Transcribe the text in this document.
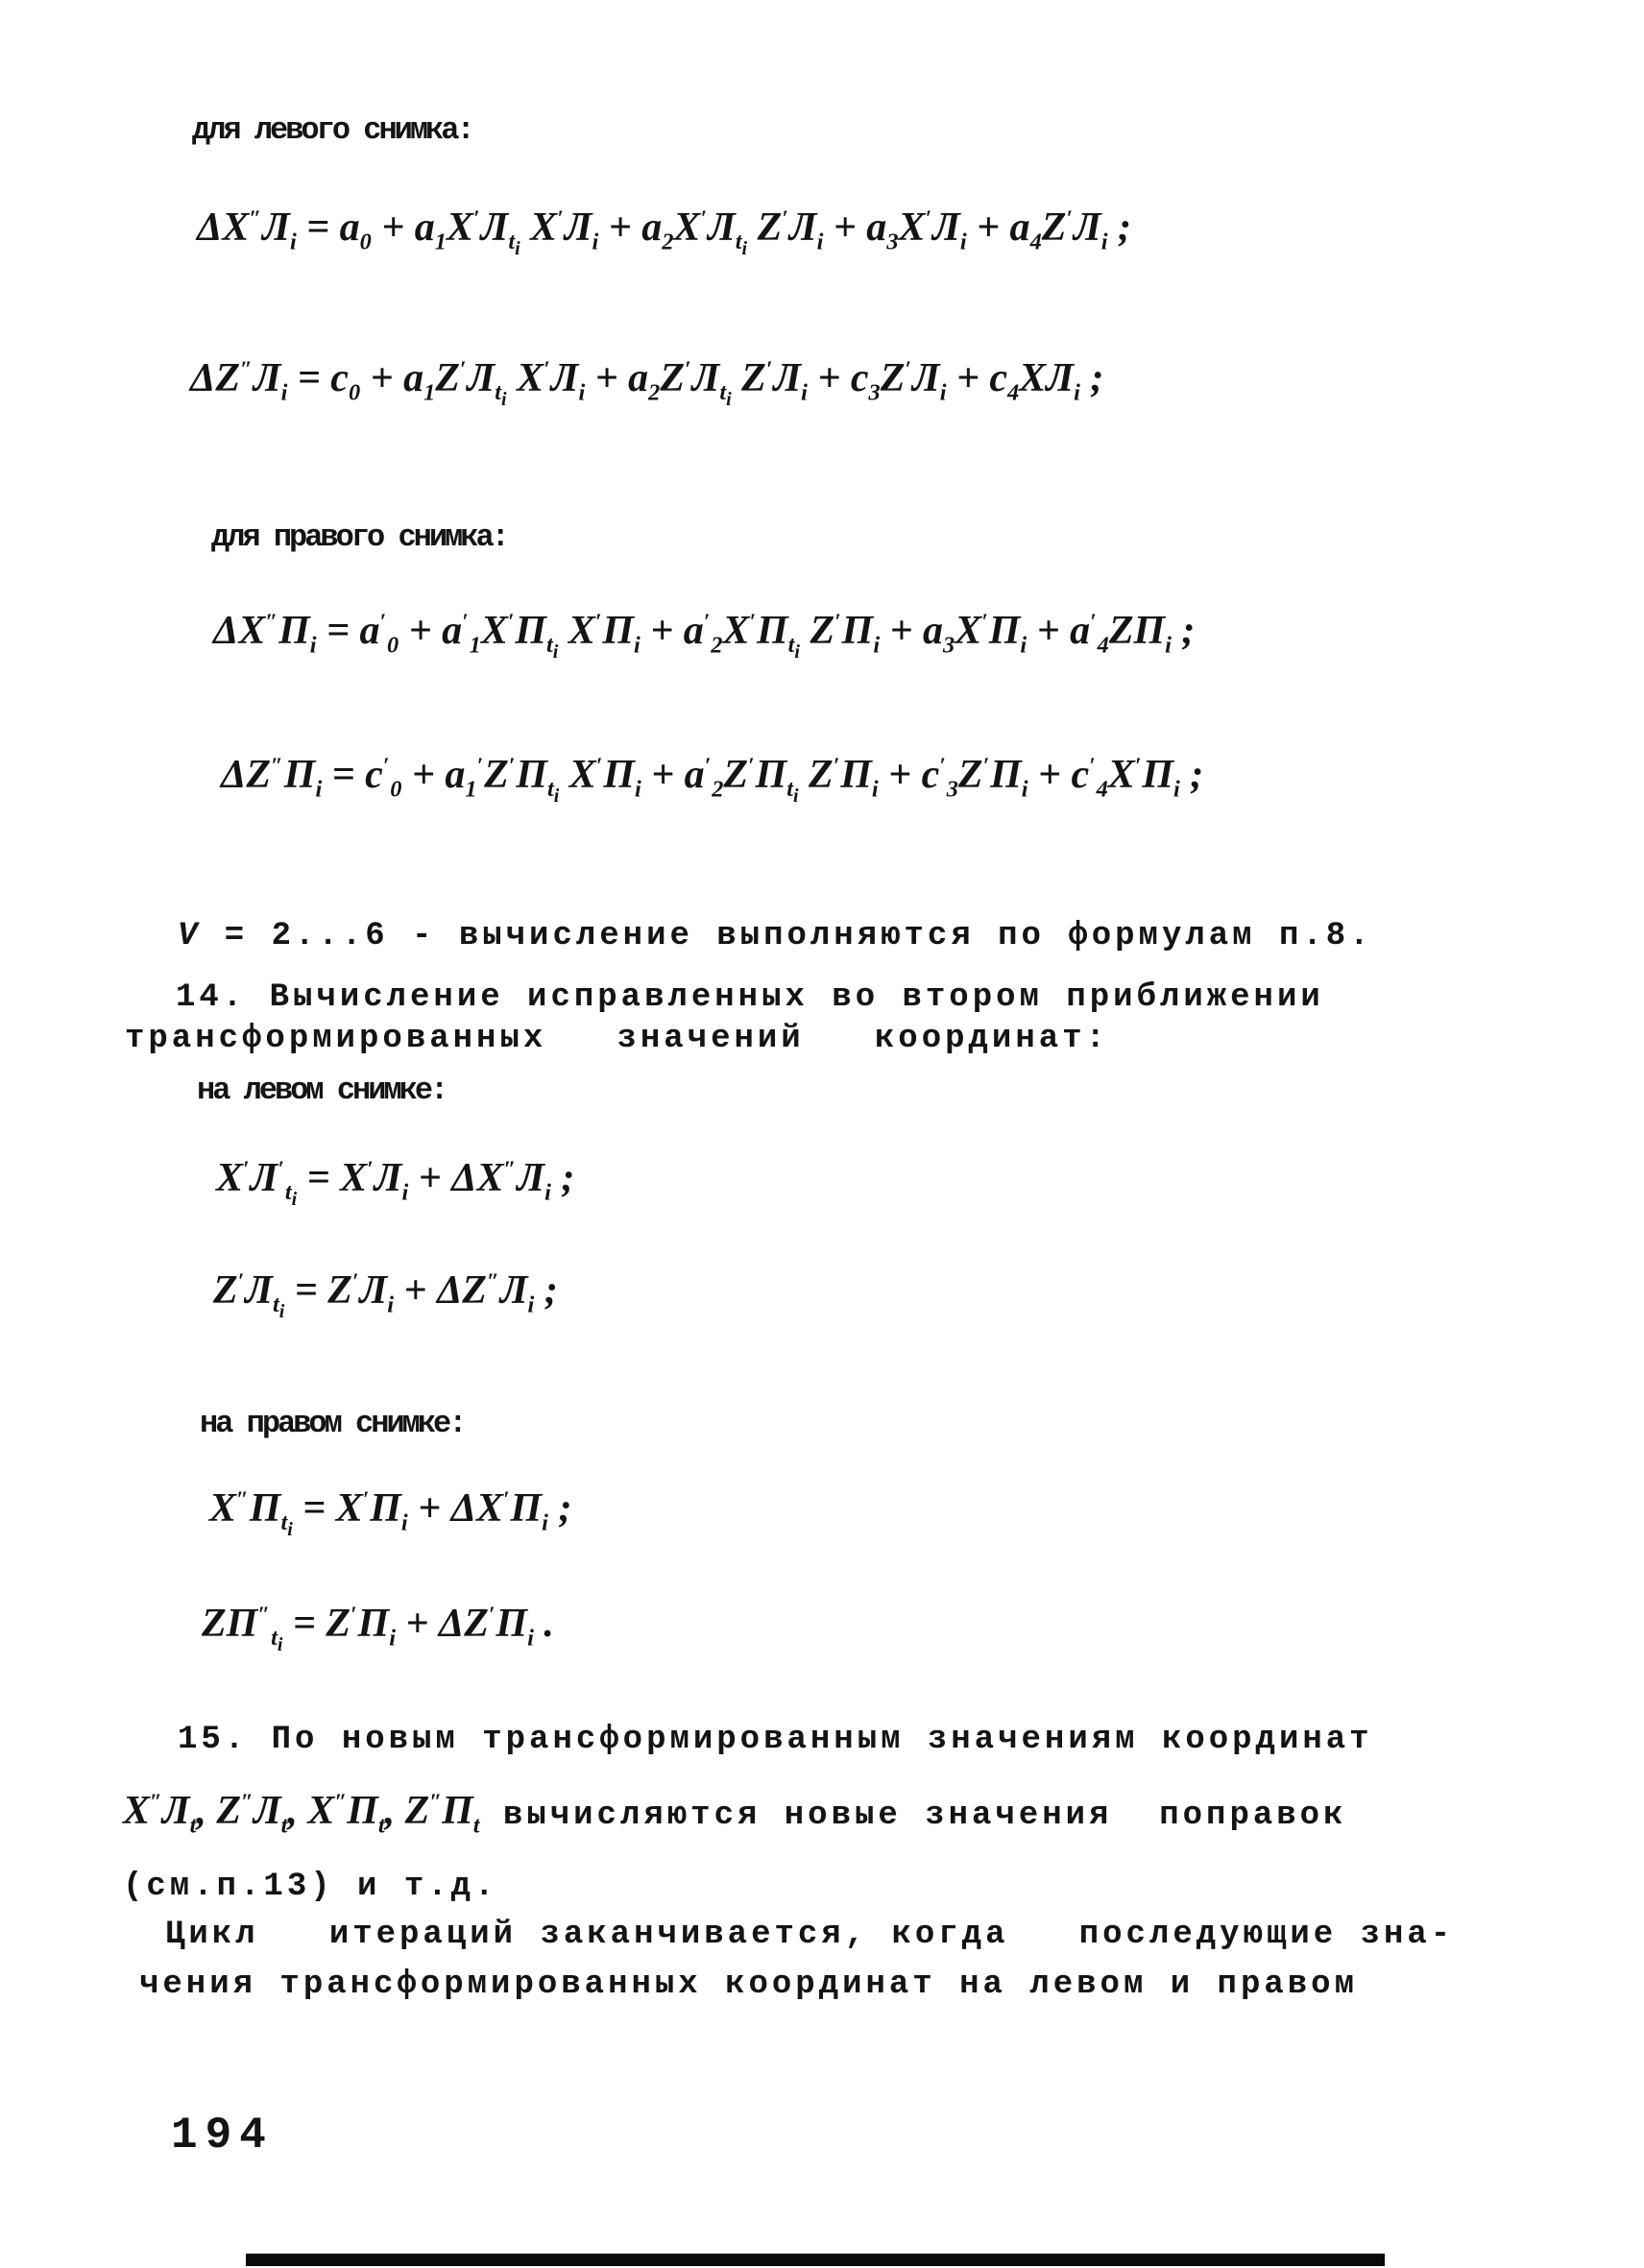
для левого снимка:
$\Delta X''Л_i = a_0 + a_1X'Л_{t_i}$ $X'Л_i + a_2X'Л_{t_i}$ $Z'Л_i + a_3X'Л_i + a_4Z'Л_i$ ;
$\Delta Z''Л_i = c_0 + a_1Z'Л_{t_i}$ $X'Л_i + a_2Z'Л_{t_i}$ $Z'Л_i + c_3Z'Л_i + c_4XЛ_i$ ;
для правого снимка:
$\Delta X''П_i = a'_0 + a'_1X'П_{t_i}$ $X'П_i + a'_2X'П_{t_i}$ $Z'П_i + a_3X'П_i + a'_4ZП_i$ ;
$\Delta Z''П_i = c'_0 + a_1'Z'П_{t_i}$ $X'П_i + a'_2Z'П_{t_i}$ $Z'П_i + c'_3Z'П_i + c'_4X'П_i$ ;
V = 2...6 - вычисление выполняются по формулам п.8.
14. Вычисление исправленных во втором приближении
трансформированных   значений   координат:
на левом снимке:
$X'Л'_{t_i} = X'Л_i + \Delta X''Л_i$ ;
$Z'Л_{t_i} = Z'Л_i + \Delta Z''Л_i$ ;
на правом снимке:
$X''П_{t_i} = X'П_i + \Delta X'П_i$ ;
$ZП''_{t_i} = Z'П_i + \Delta Z'П_i$ .
15. По новым трансформированным значениям координат
$X''Л_t$, $Z''Л_t$, $X''П_t$, $Z''П_t$ вычисляются новые значения  поправок
(см.п.13) и т.д.
Цикл   итераций заканчивается, когда   последующие зна-
чения трансформированных координат на левом и правом
194
